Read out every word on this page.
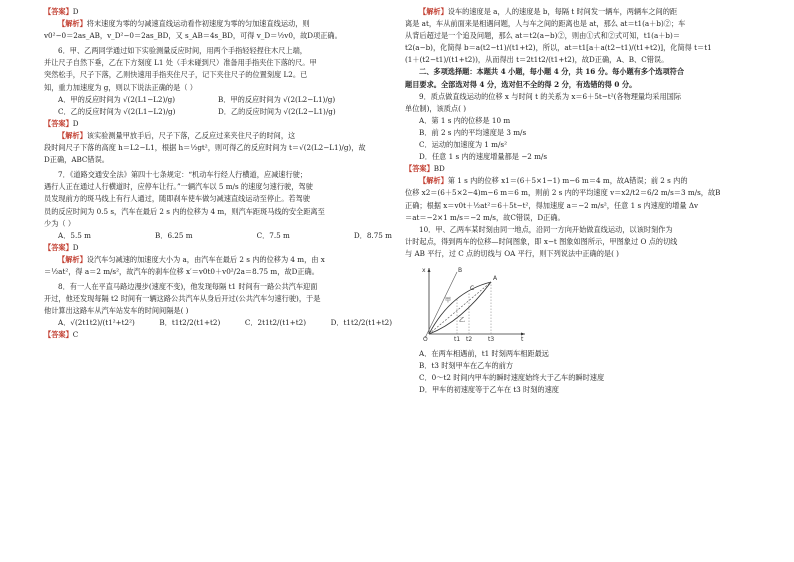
【答案】D
【解析】将末速度为零的匀减速直线运动看作初速度为零的匀加速直线运动，则
v0²−0＝2as_AB，v_D²−0＝2as_BD，又 s_AB＝4s_BD，可得 v_D＝½v0，故D项正确。
6．甲、乙两同学通过如下实验测量反应时间，用两个手指轻轻捏住木尺上端，
并让尺子自然下垂，乙在下方刻度 L1 处（手未碰到尺）准备用手指夹住下落的尺。甲
突然松手，尺子下落，乙则快速用手指夹住尺子，记下夹住尺子的位置刻度 L2。已
知，重力加速度为 g，则以下说法正确的是（ ）
A．甲的反应时间为 √(2(L1−L2)/g)	B．甲的反应时间为 √(2(L2−L1)/g)
C．乙的反应时间为 √(2(L1−L2)/g)	D．乙的反应时间为 √(2(L2−L1)/g)
【答案】D
【解析】该实验测量甲放手后，尺子下落，乙反应过来夹住尺子的时间，这
段时间尺子下落的高度 h＝L2−L1，根据 h＝½gt²，则可得乙的反应时间为 t＝√(2(L2−L1)/g)，故
D正确，ABC错误。
7．《道路交通安全法》第四十七条规定：“机动车行经人行横道，应减速行驶；
遇行人正在通过人行横道时，应停车让行。”一辆汽车以 5 m/s 的速度匀速行驶，驾驶
员发现前方的斑马线上有行人通过，随即刹车使车做匀减速直线运动至停止。若驾驶
员的反应时间为 0.5 s，汽车在最后 2 s 内的位移为 4 m，则汽车距斑马线的安全距离至
少为（ ）
A．5.5 m	B．6.25 m	C．7.5 m	D．8.75 m
【答案】D
【解析】设汽车匀减速的加速度大小为 a，由汽车在最后 2 s 内的位移为 4 m，由 x
＝½at²，得 a＝2 m/s²，故汽车的刹车位移 x′＝v0t0＋v0²/2a＝8.75 m，故D正确。
8．有一人在平直马路边漫步(速度不变)，他发现每隔 t1 时间有一路公共汽车迎面
开过，他还发现每隔 t2 时间有一辆这路公共汽车从身后开过(公共汽车匀速行驶)，于是
他计算出这路车从汽车站发车的时间间隔是( )
A．√(2t1t2)/(t1²+t2²)	B．t1t2/2(t1+t2)	C．2t1t2/(t1+t2)	D．t1t2/2(t1+t2)
【答案】C
【解析】设车的速度是 a，人的速度是 b，每隔 t 时间发一辆车，两辆车之间的距
离是 at，车从前面来是相遇问题，人与车之间的距离也是 at，那么 at＝t1(a＋b)②；车
从背后超过是一个追及问题，那么 at＝t2(a−b)②，则由①式和②式可知，t1(a＋b)＝
t2(a−b)，化简得 b＝a(t2−t1)/(t1+t2)，所以，at＝t1[a＋a(t2−t1)/(t1+t2)]，化简得 t＝t1
(1＋(t2−t1)/(t1+t2))，从而得出 t＝2t1t2/(t1+t2)，故D正确，A、B、C错误。
二、多项选择题：本题共 4 小题，每小题 4 分，共 16 分。每小题有多个选项符合
题目要求。全部选对得 4 分，选对但不全的得 2 分，有选错的得 0 分。
9．质点做直线运动的位移 x 与时间 t 的关系为 x＝6＋5t−t²(各物理量均采用国际
单位制)，该质点( )
A．第 1 s 内的位移是 10 m
B．前 2 s 内的平均速度是 3 m/s
C．运动的加速度为 1 m/s²
D．任意 1 s 内的速度增量都是 −2 m/s
【答案】BD
【解析】第 1 s 内的位移 x1＝(6＋5×1−1) m−6 m＝4 m，故A错误；前 2 s 内的
位移 x2＝(6＋5×2−4)m−6 m＝6 m，则前 2 s 内的平均速度 v＝x2/t2＝6/2 m/s＝3 m/s，故B
正确；根据 x＝v0t＋½at²＝6＋5t−t²，得加速度 a＝−2 m/s²，任意 1 s 内速度的增量 Δv
＝at＝−2×1 m/s＝−2 m/s，故C错误，D正确。
10．甲、乙两车某时刻由同一地点，沿同一方向开始做直线运动，以该时刻作为
计时起点，得到两车的位移—时间图象，即 x−t 图象如图所示，甲图象过 O 点的切线
与 AB 平行，过 C 点的切线与 OA 平行，则下列说法中正确的是( )
x
t
O
A
B
C
t1 t2	t3
甲
乙
A．在两车相遇前，t1 时刻两车相距最远
B．t3 时刻甲车在乙车的前方
C．0～t2 时间内甲车的瞬时速度始终大于乙车的瞬时速度
D．甲车的初速度等于乙车在 t3 时刻的速度
